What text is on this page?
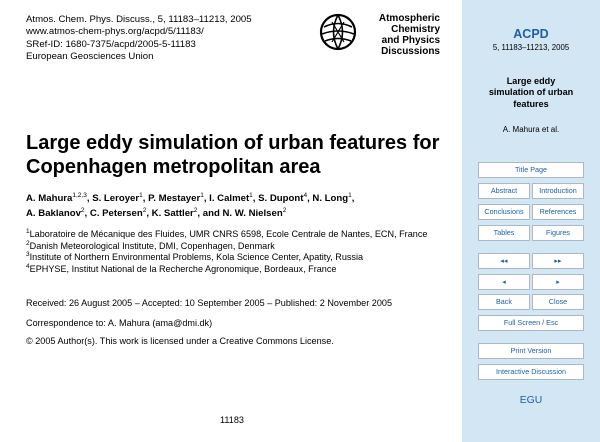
Atmos. Chem. Phys. Discuss., 5, 11183–11213, 2005
www.atmos-chem-phys.org/acpd/5/11183/
SRef-ID: 1680-7375/acpd/2005-5-11183
European Geosciences Union
Atmospheric
Chemistry
and Physics
Discussions
Large eddy simulation of urban features for Copenhagen metropolitan area
A. Mahura$^{1,2,3}$, S. Leroyer$^1$, P. Mestayer$^1$, I. Calmet$^1$, S. Dupont$^4$, N. Long$^1$,
A. Baklanov$^2$, C. Petersen$^2$, K. Sattler$^2$, and N. W. Nielsen$^2$

$^1$Laboratoire de Mécanique des Fluides, UMR CNRS 6598, Ecole Centrale de Nantes, ECN, France

$^2$Danish Meteorological Institute, DMI, Copenhagen, Denmark

$^3$Institute of Northern Environmental Problems, Kola Science Center, Apatity, Russia

$^4$EPHYSE, Institut National de la Recherche Agronomique, Bordeaux, France

Received: 26 August 2005 – Accepted: 10 September 2005 – Published: 2 November 2005
Correspondence to: A. Mahura (ama@dmi.dk)
© 2005 Author(s). This work is licensed under a Creative Commons License.
11183
ACPD
5, 11183–11213, 2005
Large eddy
simulation of urban
features
A. Mahura et al.
Title Page
Abstract	Introduction
Conclusions	References
Tables	Figures
◂◂	▸▸
◂	▸
Back	Close
Full Screen / Esc
Print Version
Interactive Discussion
EGU
